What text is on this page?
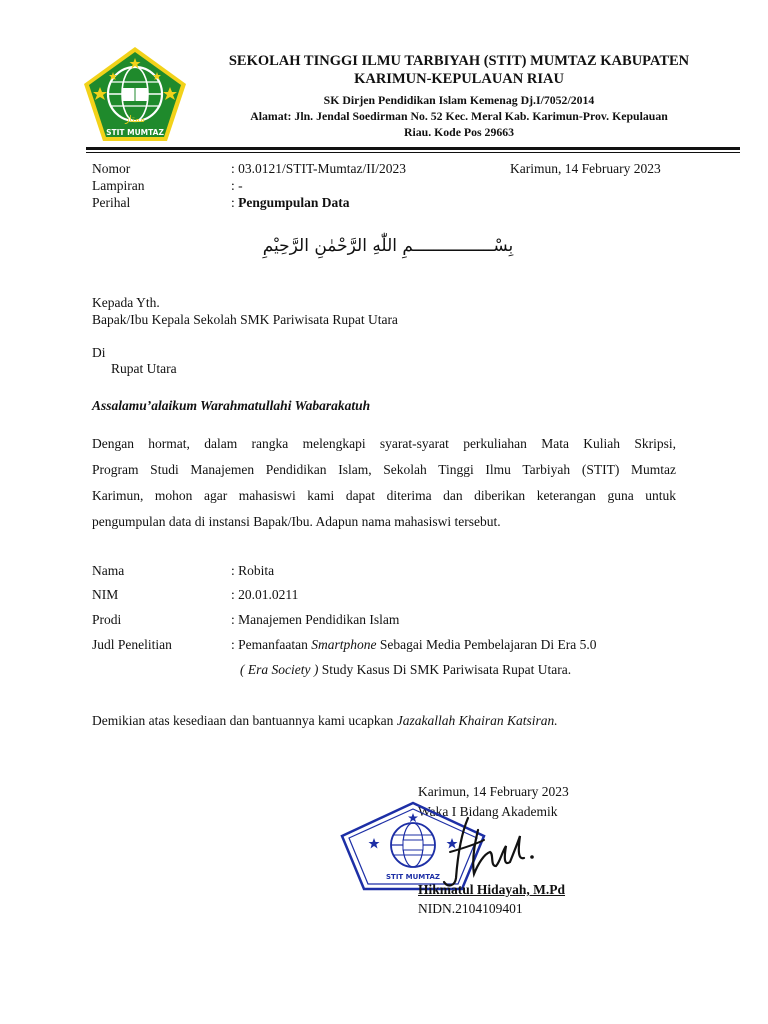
ممتاز
STIT MUMTAZ
SEKOLAH TINGGI ILMU TARBIYAH (STIT) MUMTAZ KABUPATEN
KARIMUN-KEPULAUAN RIAU
SK Dirjen Pendidikan Islam Kemenag Dj.I/7052/2014
Alamat: Jln. Jendal Soedirman No. 52 Kec. Meral Kab. Karimun-Prov. Kepulauan
Riau. Kode Pos 29663
Nomor	: 03.0121/STIT-Mumtaz/II/2023	Karimun, 14 February 2023
Lampiran	: -
Perihal	: Pengumpulan Data
بِسْــــــــــــــــمِ اللّٰهِ الرَّحْمٰنِ الرَّحِيْمِ
Kepada Yth.
Bapak/Ibu Kepala Sekolah SMK Pariwisata Rupat Utara
Di
Rupat Utara
Assalamu’alaikum Warahmatullahi Wabarakatuh
Dengan hormat, dalam rangka melengkapi syarat-syarat perkuliahan Mata Kuliah Skripsi,
Program Studi Manajemen Pendidikan Islam, Sekolah Tinggi Ilmu Tarbiyah (STIT) Mumtaz
Karimun, mohon agar mahasiswi kami dapat diterima dan diberikan keterangan guna untuk
pengumpulan data di instansi Bapak/Ibu. Adapun nama mahasiswi tersebut.
Nama	: Robita
NIM	: 20.01.0211
Prodi	: Manajemen Pendidikan Islam
Judl Penelitian	: Pemanfaatan Smartphone Sebagai Media Pembelajaran Di Era 5.0
( Era Society ) Study Kasus Di SMK Pariwisata Rupat Utara.
Demikian atas kesediaan dan bantuannya kami ucapkan Jazakallah Khairan Katsiran.
Karimun, 14 February 2023
Waka I Bidang Akademik
STIT MUMTAZ
Hikmatul Hidayah, M.Pd
NIDN.2104109401
